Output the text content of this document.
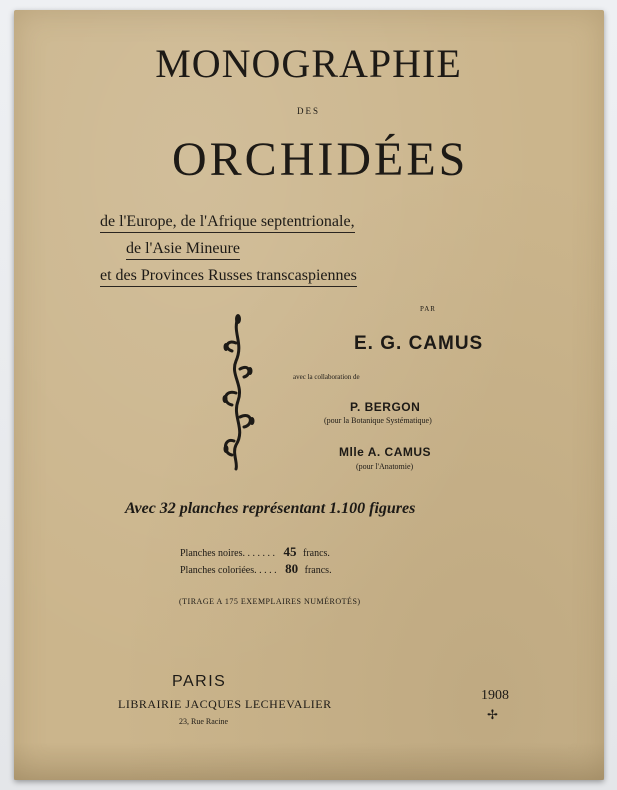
MONOGRAPHIE
DES
ORCHIDÉES
de l'Europe, de l'Afrique septentrionale,
de l'Asie Mineure
et des Provinces Russes transcaspiennes
PAR
E. G. CAMUS
avec la collaboration de
P. BERGON
(pour la Botanique Systématique)
Mlle A. CAMUS
(pour l'Anatomie)
Avec 32 planches représentant 1.100 figures
Planches noires. . . . . . . 45 francs.
Planches coloriées. . . . . 80 francs.
(TIRAGE A 175 EXEMPLAIRES NUMÉROTÉS)
PARIS
LIBRAIRIE JACQUES LECHEVALIER
23, Rue Racine
1908
✢
